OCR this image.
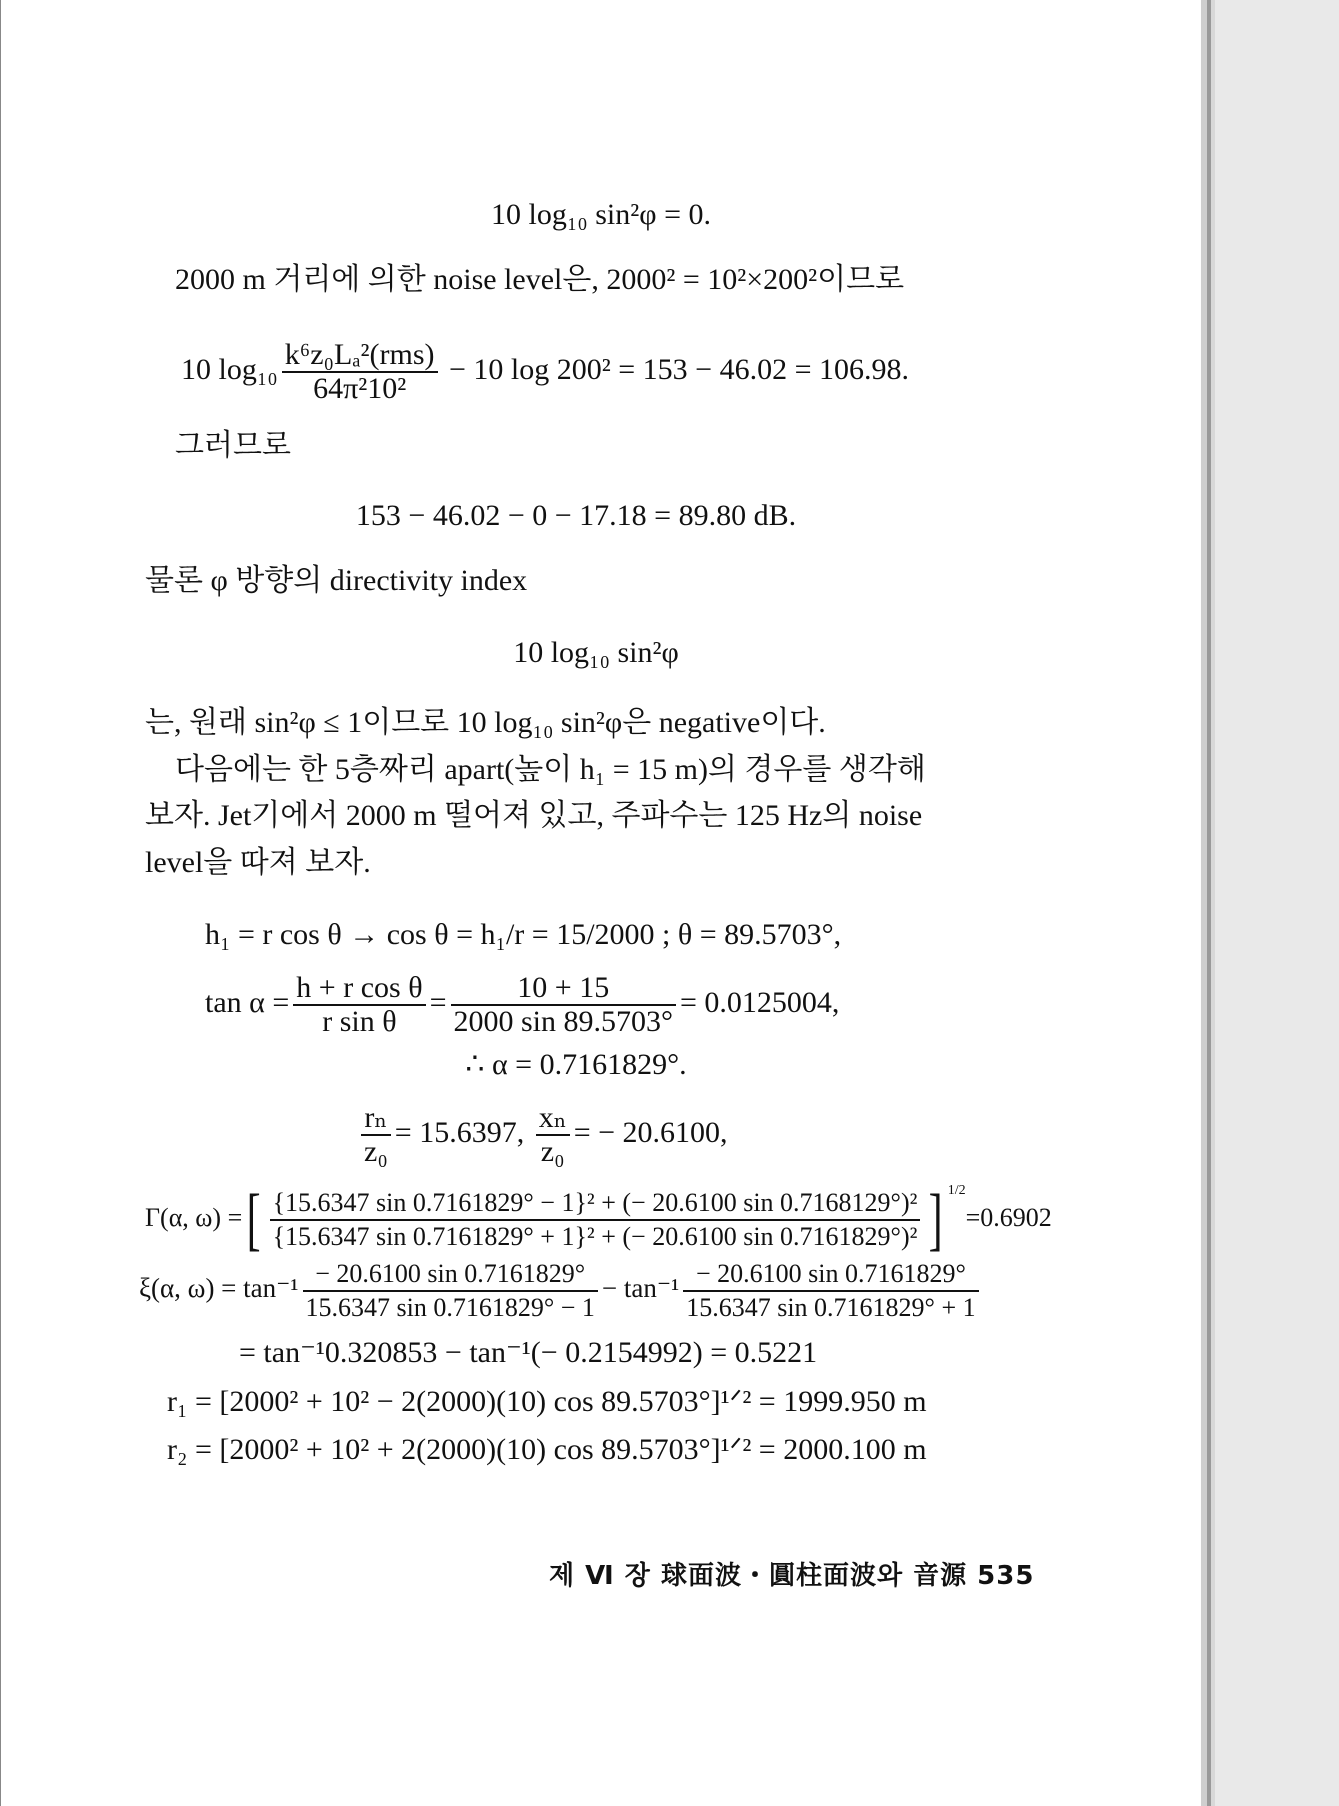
10 log₁₀ sin²φ = 0.
2000 m 거리에 의한 noise level은, 2000² = 10²×200²이므로
10 $\log_{10} \frac{\text{k⁶z₀Lₐ²(rms)}}{\text{64π²10²}} - 10$ log 200² = 153 − 46.02 = 106.98.
그러므로
153 − 46.02 − 0 − 17.18 = 89.80 dB.
물론 φ 방향의 directivity index
10 log₁₀ sin²φ
는, 원래 sin²φ ≤ 1이므로 10 log₁₀ sin²φ은 negative이다.
다음에는 한 5층짜리 apart(높이 h₁ = 15 m)의 경우를 생각해
보자. Jet기에서 2000 m 떨어져 있고, 주파수는 125 Hz의 noise
level을 따져 보자.
h₁ = r cos θ → cos θ = h₁/r = 15/2000 ; θ = 89.5703°,
$\tan \alpha = \frac{\text{h + r cos θ}}{\text{r sin θ}} = \frac{10 + 15}{2000 \sin 89.5703^\circ} = 0.0125004$,
∴ α = 0.7161829°.
$\frac{\text{rₙ}}{\text{z₀}} = 15.6397$, $\frac{\text{xₙ}}{\text{z₀}}$ = − 20.6100,
Γ(α, ω) =[ $\frac{\text{\{15.6347 sin 0.7161829° − 1\}² + (− 20.6100 sin 0.7168129°)²}}{\text{\{15.6347 sin 0.7161829° + 1\}² + (− 20.6100 sin 0.7161829°)²}}$ ] $^{1/2}$=0.6902
ξ(α, $\omega) = \tan^{-1} \frac{- 20.6100 \sin 0.7161829^\circ}{15.6347 \sin 0.7161829^\circ - 1} - \tan^{-1} \frac{- 20.6100 \sin 0.7161829^\circ}{15.6347 \sin 0.7161829^\circ + 1}$
= tan⁻¹0.320853 − tan⁻¹(− 0.2154992) = 0.5221
r₁ = [2000² + 10² − 2(2000)(10) cos 89.5703°]¹ᐟ² = 1999.950 m
r₂ = [2000² + 10² + 2(2000)(10) cos 89.5703°]¹ᐟ² = 2000.100 m
제 Ⅵ 장 球面波・圓柱面波와 音源 535
